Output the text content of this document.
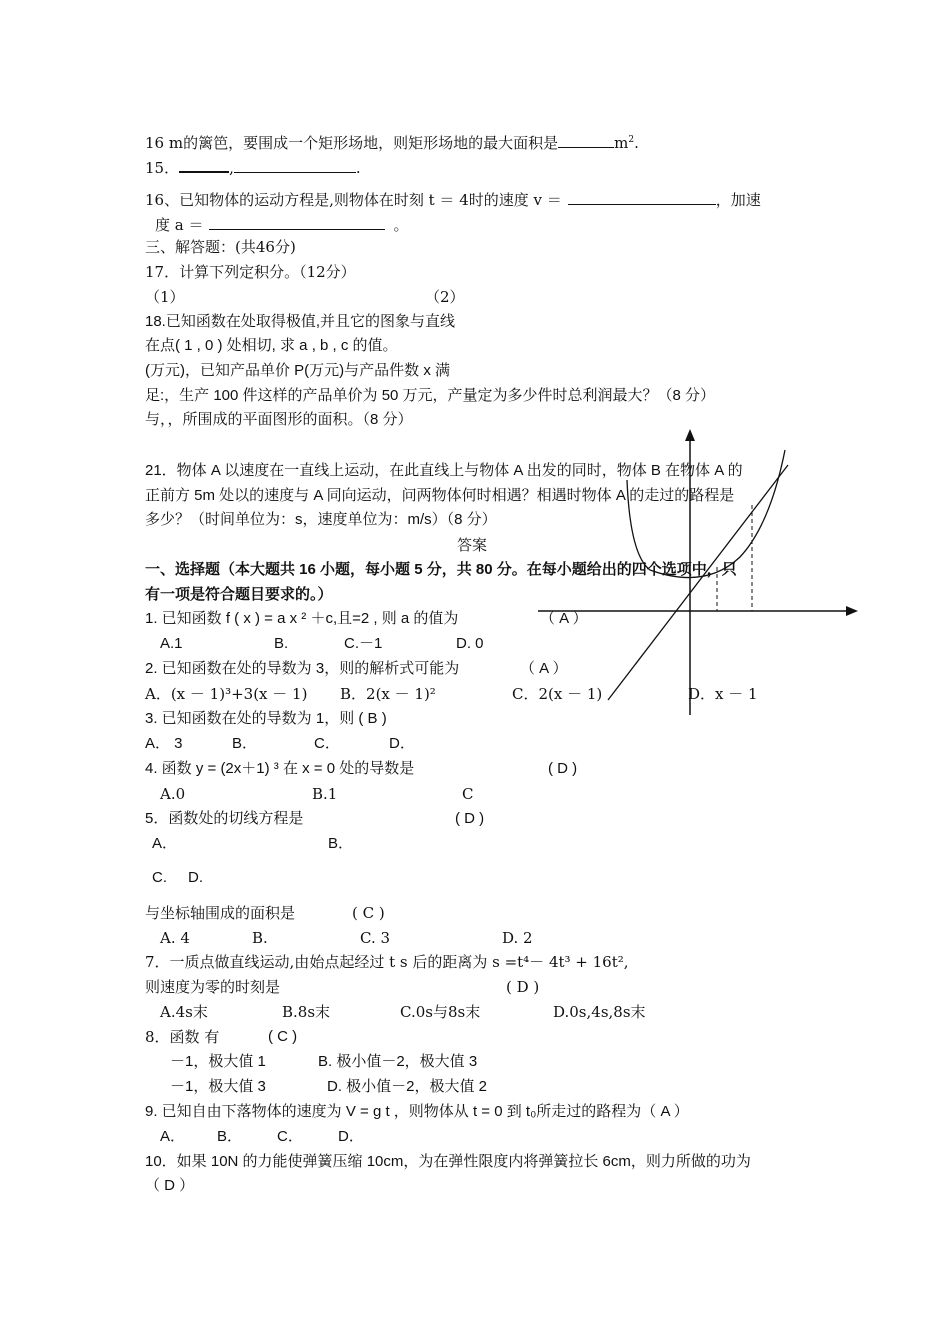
16 m的篱笆，要围成一个矩形场地，则矩形场地的最大面积是	$m^2$.
15．	,	.
16、已知物体的运动方程是,则物体在时刻 t ＝ 4时的速度 v ＝	，加速
度 a ＝	。
三、解答题：(共46分)
17．计算下列定积分。（12分）
（1）	（2）
18.已知函数在处取得极值,并且它的图象与直线
在点( 1 , 0 ) 处相切, 求 a , b , c 的值。
(万元)，已知产品单价 P(万元)与产品件数 x 满
足:，生产 100 件这样的产品单价为 50 万元，产量定为多少件时总利润最大？（8 分）
与，，所围成的平面图形的面积。（8 分）
21．物体 A 以速度在一直线上运动，在此直线上与物体 A 出发的同时，物体 B 在物体 A 的
正前方 5m 处以的速度与 A 同向运动，问两物体何时相遇？相遇时物体 A 的走过的路程是
多少？（时间单位为：s，速度单位为：m/s）（8 分）
答案
一、选择题（本大题共 16 小题，每小题 5 分，共 80 分。在每小题给出的四个选项中，只
有一项是符合题目要求的。）
1. 已知函数 f ( x ) = a x ² ＋c,且=2 , 则 a 的值为	（ A ）
A.1	B.	C.－1	D. 0
2. 已知函数在处的导数为 3，则的解析式可能为	（ A ）
A．(x － 1)³+3(x － 1) B．2(x － 1)²	C．2(x － 1)	D．x － 1
3. 已知函数在处的导数为 1，则 ( B )
A． 3	B．	C．	D．
4. 函数 y = (2x＋1) ³ 在 x = 0 处的导数是	( D )
A.0	B.1	C
5．函数处的切线方程是	( D )
A．	B．
C. D.
与坐标轴围成的面积是	( C )
A. 4	B.	C. 3	D. 2
7．一质点做直线运动,由始点起经过 t s 后的距离为 s =t⁴－ 4t³ + 16t²,
则速度为零的时刻是	( D )
A.4s末	B.8s末	C.0s与8s末	D.0s,4s,8s末
8．函数 有	( C )
－1，极大值 1	B. 极小值－2，极大值 3
－1，极大值 3	D. 极小值－2，极大值 2
9. 已知自由下落物体的速度为 V = g t ，则物体从 t = 0 到 t₀所走过的路程为（ A ）
A． B． C． D．
10．如果 10N 的力能使弹簧压缩 10cm，为在弹性限度内将弹簧拉长 6cm，则力所做的功为
（ D ）
